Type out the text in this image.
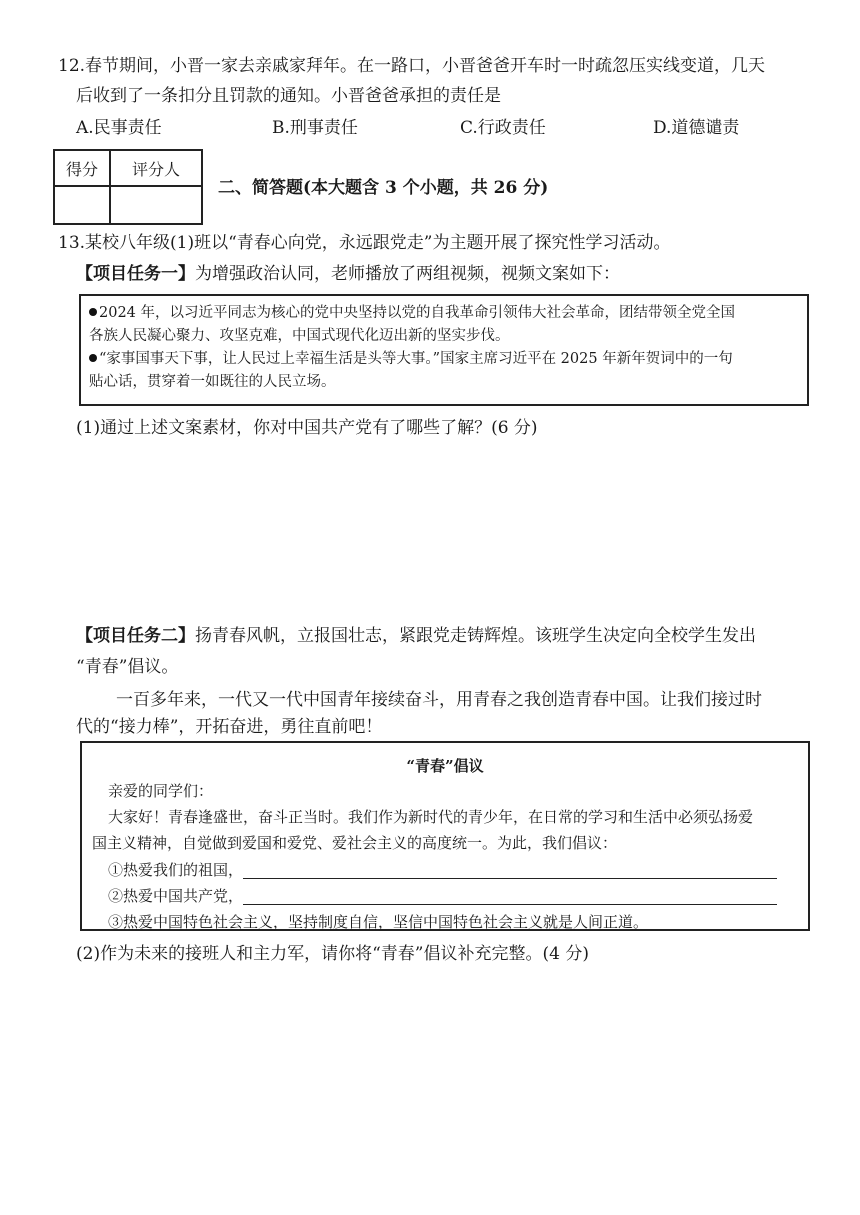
12.春节期间，小晋一家去亲戚家拜年。在一路口，小晋爸爸开车时一时疏忽压实线变道，几天
后收到了一条扣分且罚款的通知。小晋爸爸承担的责任是
A.民事责任	B.刑事责任	C.行政责任	D.道德谴责
得分	评分人

二、简答题(本大题含 3 个小题，共 26 分)
13.某校八年级(1)班以“青春心向党，永远跟党走”为主题开展了探究性学习活动。
【项目任务一】为增强政治认同，老师播放了两组视频，视频文案如下：

2024 年，以习近平同志为核心的党中央坚持以党的自我革命引领伟大社会革命，团结带领全党全国

各族人民凝心聚力、攻坚克难，中国式现代化迈出新的坚实步伐。

“家事国事天下事，让人民过上幸福生活是头等大事。”国家主席习近平在 2025 年新年贺词中的一句

贴心话，贯穿着一如既往的人民立场。

(1)通过上述文案素材，你对中国共产党有了哪些了解？(6 分)
【项目任务二】扬青春风帆，立报国壮志，紧跟党走铸辉煌。该班学生决定向全校学生发出
“青春”倡议。
一百多年来，一代又一代中国青年接续奋斗，用青春之我创造青春中国。让我们接过时
代的“接力棒”，开拓奋进，勇往直前吧！
“青春”倡议
亲爱的同学们：
大家好！青春逢盛世，奋斗正当时。我们作为新时代的青少年，在日常的学习和生活中必须弘扬爱
国主义精神，自觉做到爱国和爱党、爱社会主义的高度统一。为此，我们倡议：
①热爱我们的祖国，
②热爱中国共产党，
③热爱中国特色社会主义，坚持制度自信，坚信中国特色社会主义就是人间正道。
(2)作为未来的接班人和主力军，请你将“青春”倡议补充完整。(4 分)
